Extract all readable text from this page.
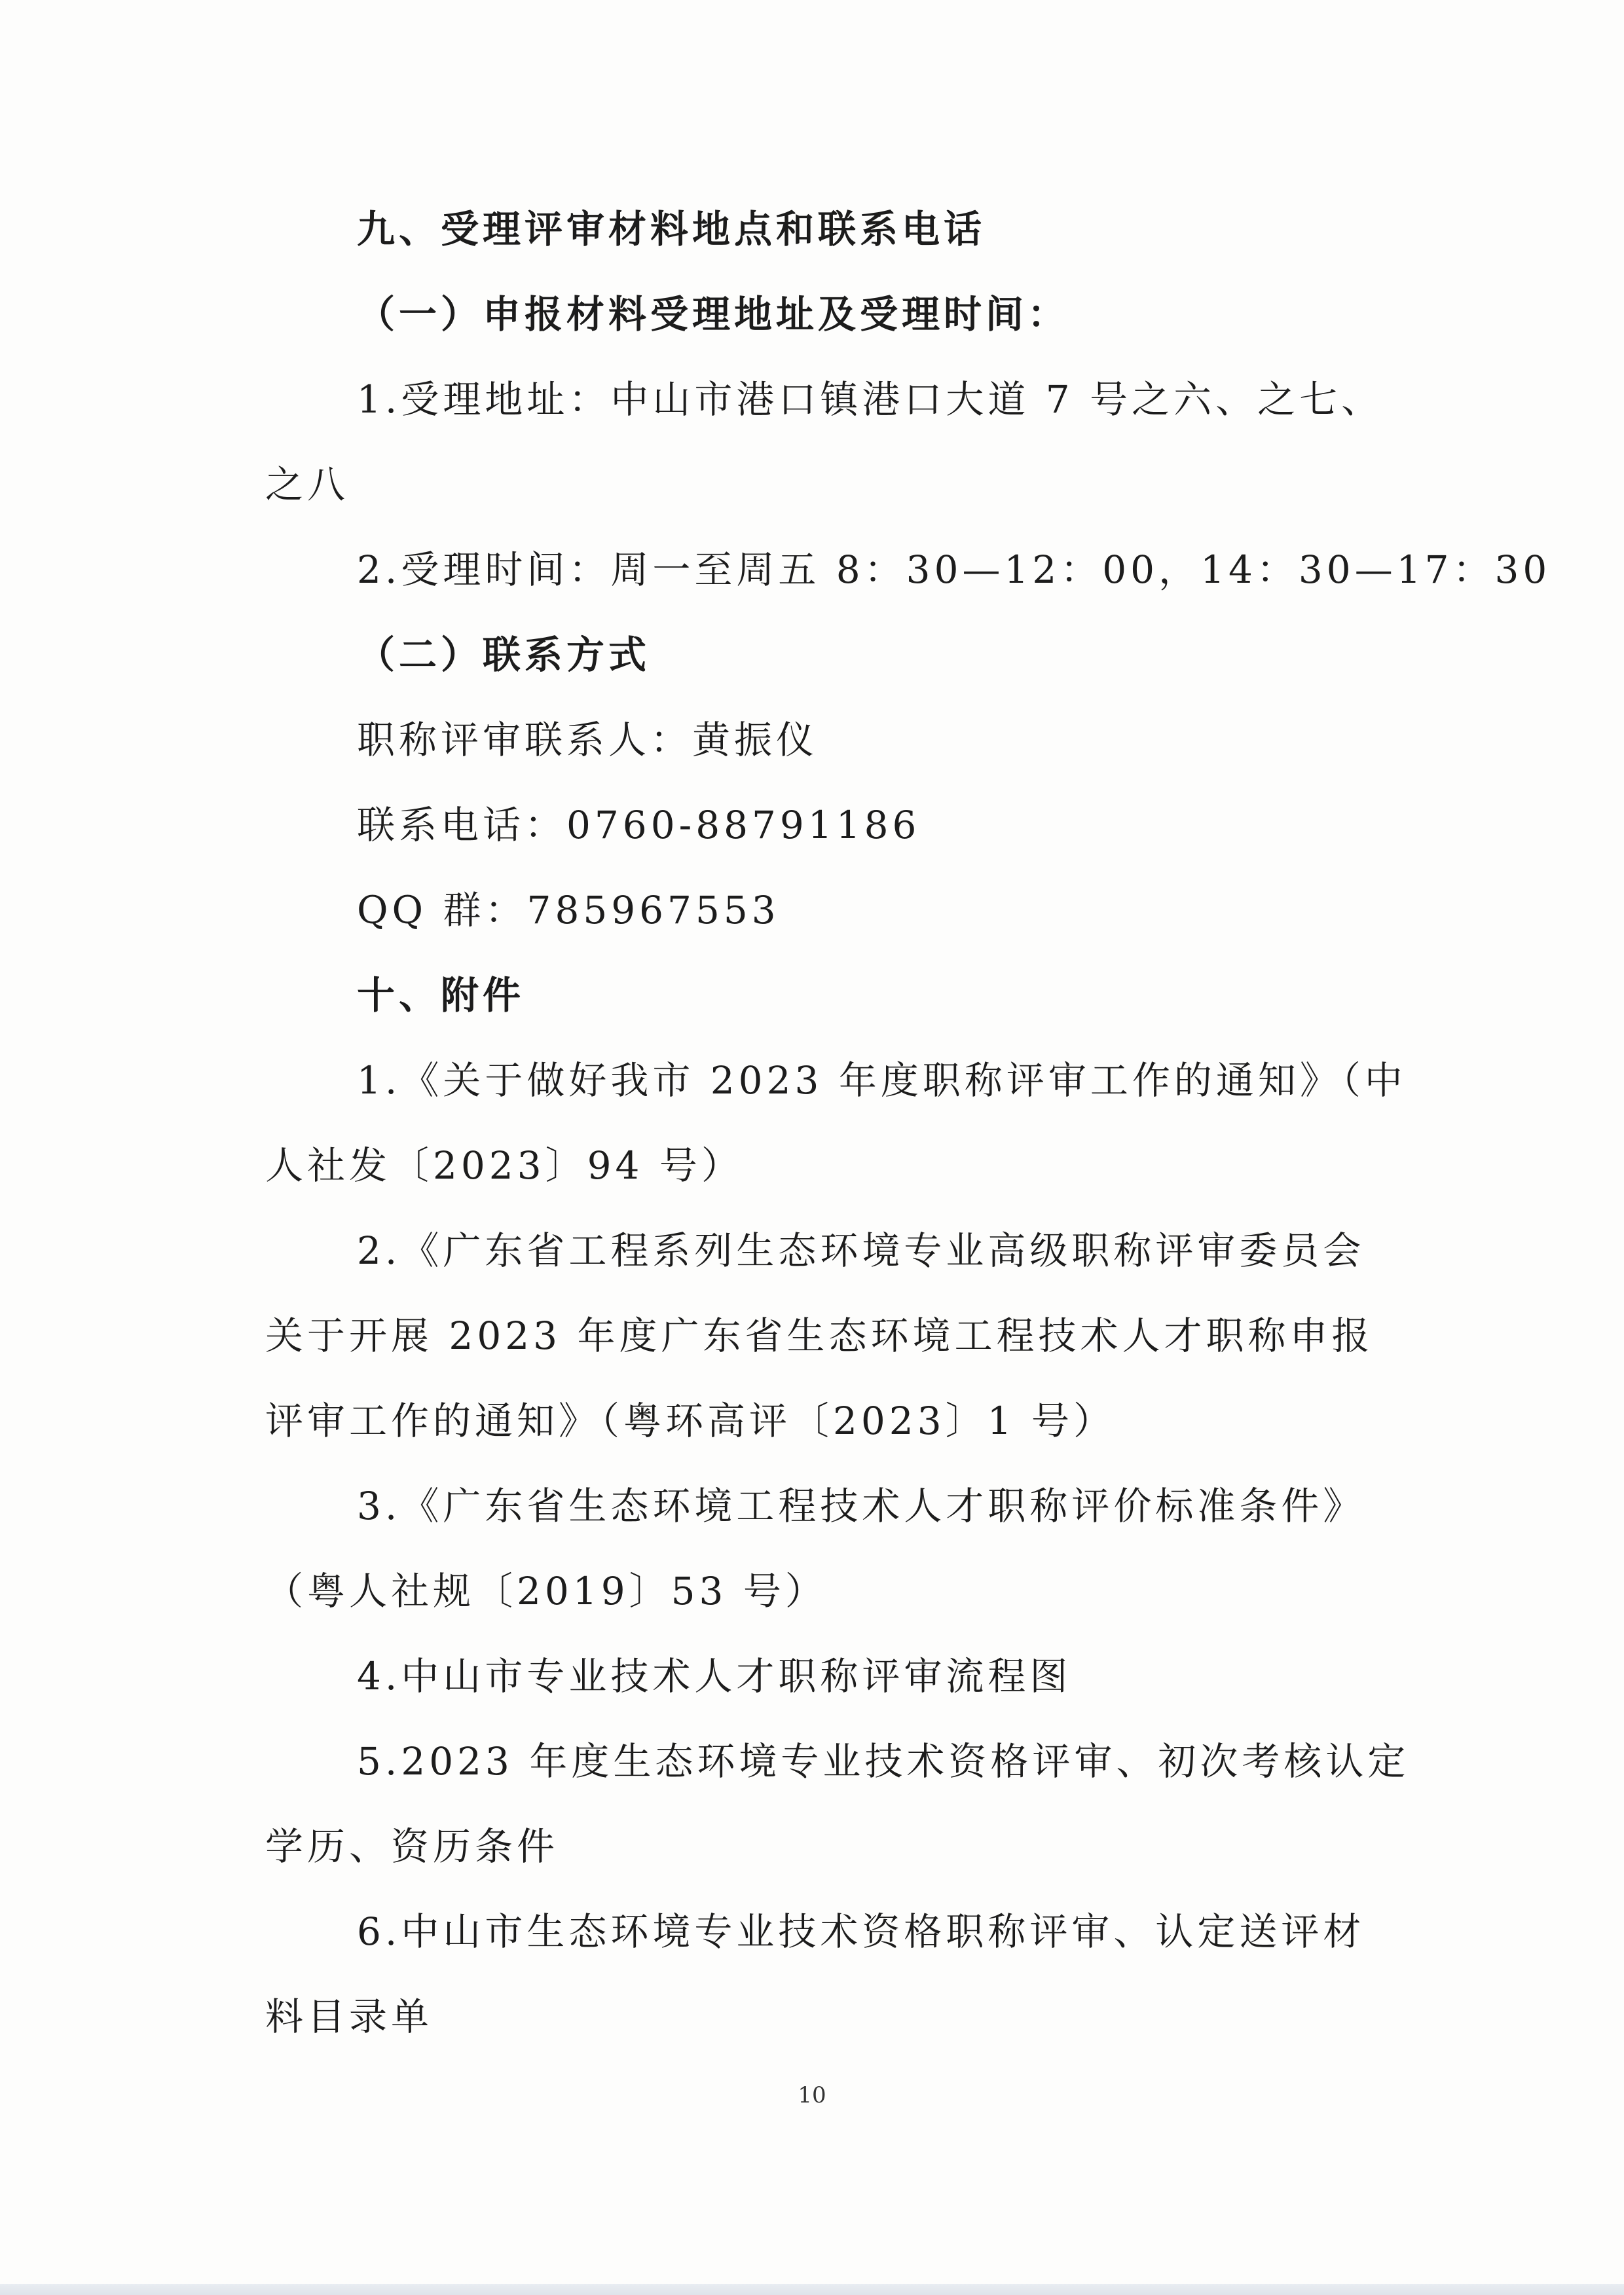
九、受理评审材料地点和联系电话
（一）申报材料受理地址及受理时间：
1.受理地址：中山市港口镇港口大道 7 号之六、之七、
之八
2.受理时间：周一至周五 8：30—12：00，14：30—17：30
（二）联系方式
职称评审联系人：黄振仪
联系电话：0760-88791186
QQ 群：785967553
十、附件
1.《关于做好我市 2023 年度职称评审工作的通知》（中
人社发〔2023〕94 号）
2.《广东省工程系列生态环境专业高级职称评审委员会
关于开展 2023 年度广东省生态环境工程技术人才职称申报
评审工作的通知》（粤环高评〔2023〕1 号）
3.《广东省生态环境工程技术人才职称评价标准条件》
（粤人社规〔2019〕53 号）
4.中山市专业技术人才职称评审流程图
5.2023 年度生态环境专业技术资格评审、初次考核认定
学历、资历条件
6.中山市生态环境专业技术资格职称评审、认定送评材
料目录单
10
